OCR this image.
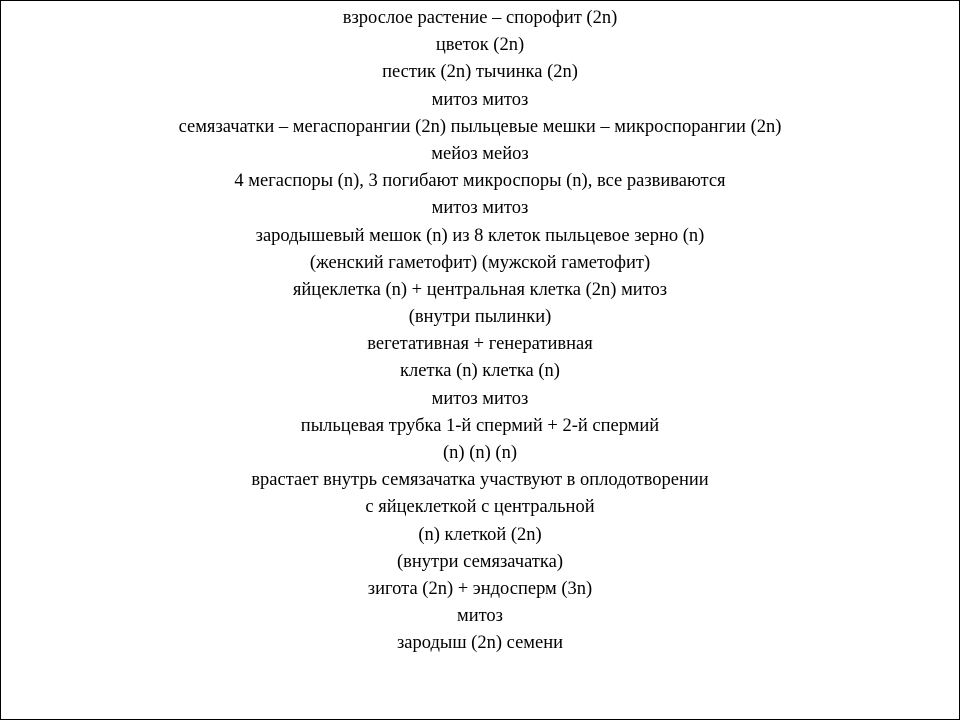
взрослое растение – спорофит (2n)
цветок (2n)
пестик (2n) тычинка (2n)
митоз митоз
семязачатки – мегаспорангии (2n) пыльцевые мешки – микроспорангии (2n)
мейоз мейоз
4 мегаспоры (n), 3 погибают микроспоры (n), все развиваются
митоз митоз
зародышевый мешок (n) из 8 клеток пыльцевое зерно (n)
(женский гаметофит) (мужской гаметофит)
яйцеклетка (n) + центральная клетка (2n) митоз
(внутри пылинки)
вегетативная + генеративная
клетка (n) клетка (n)
митоз митоз
пыльцевая трубка 1-й спермий + 2-й спермий
(n) (n) (n)
врастает внутрь семязачатка участвуют в оплодотворении
с яйцеклеткой с центральной
(n) клеткой (2n)
(внутри семязачатка)
зигота (2n) + эндосперм (3n)
митоз
зародыш (2n) семени
